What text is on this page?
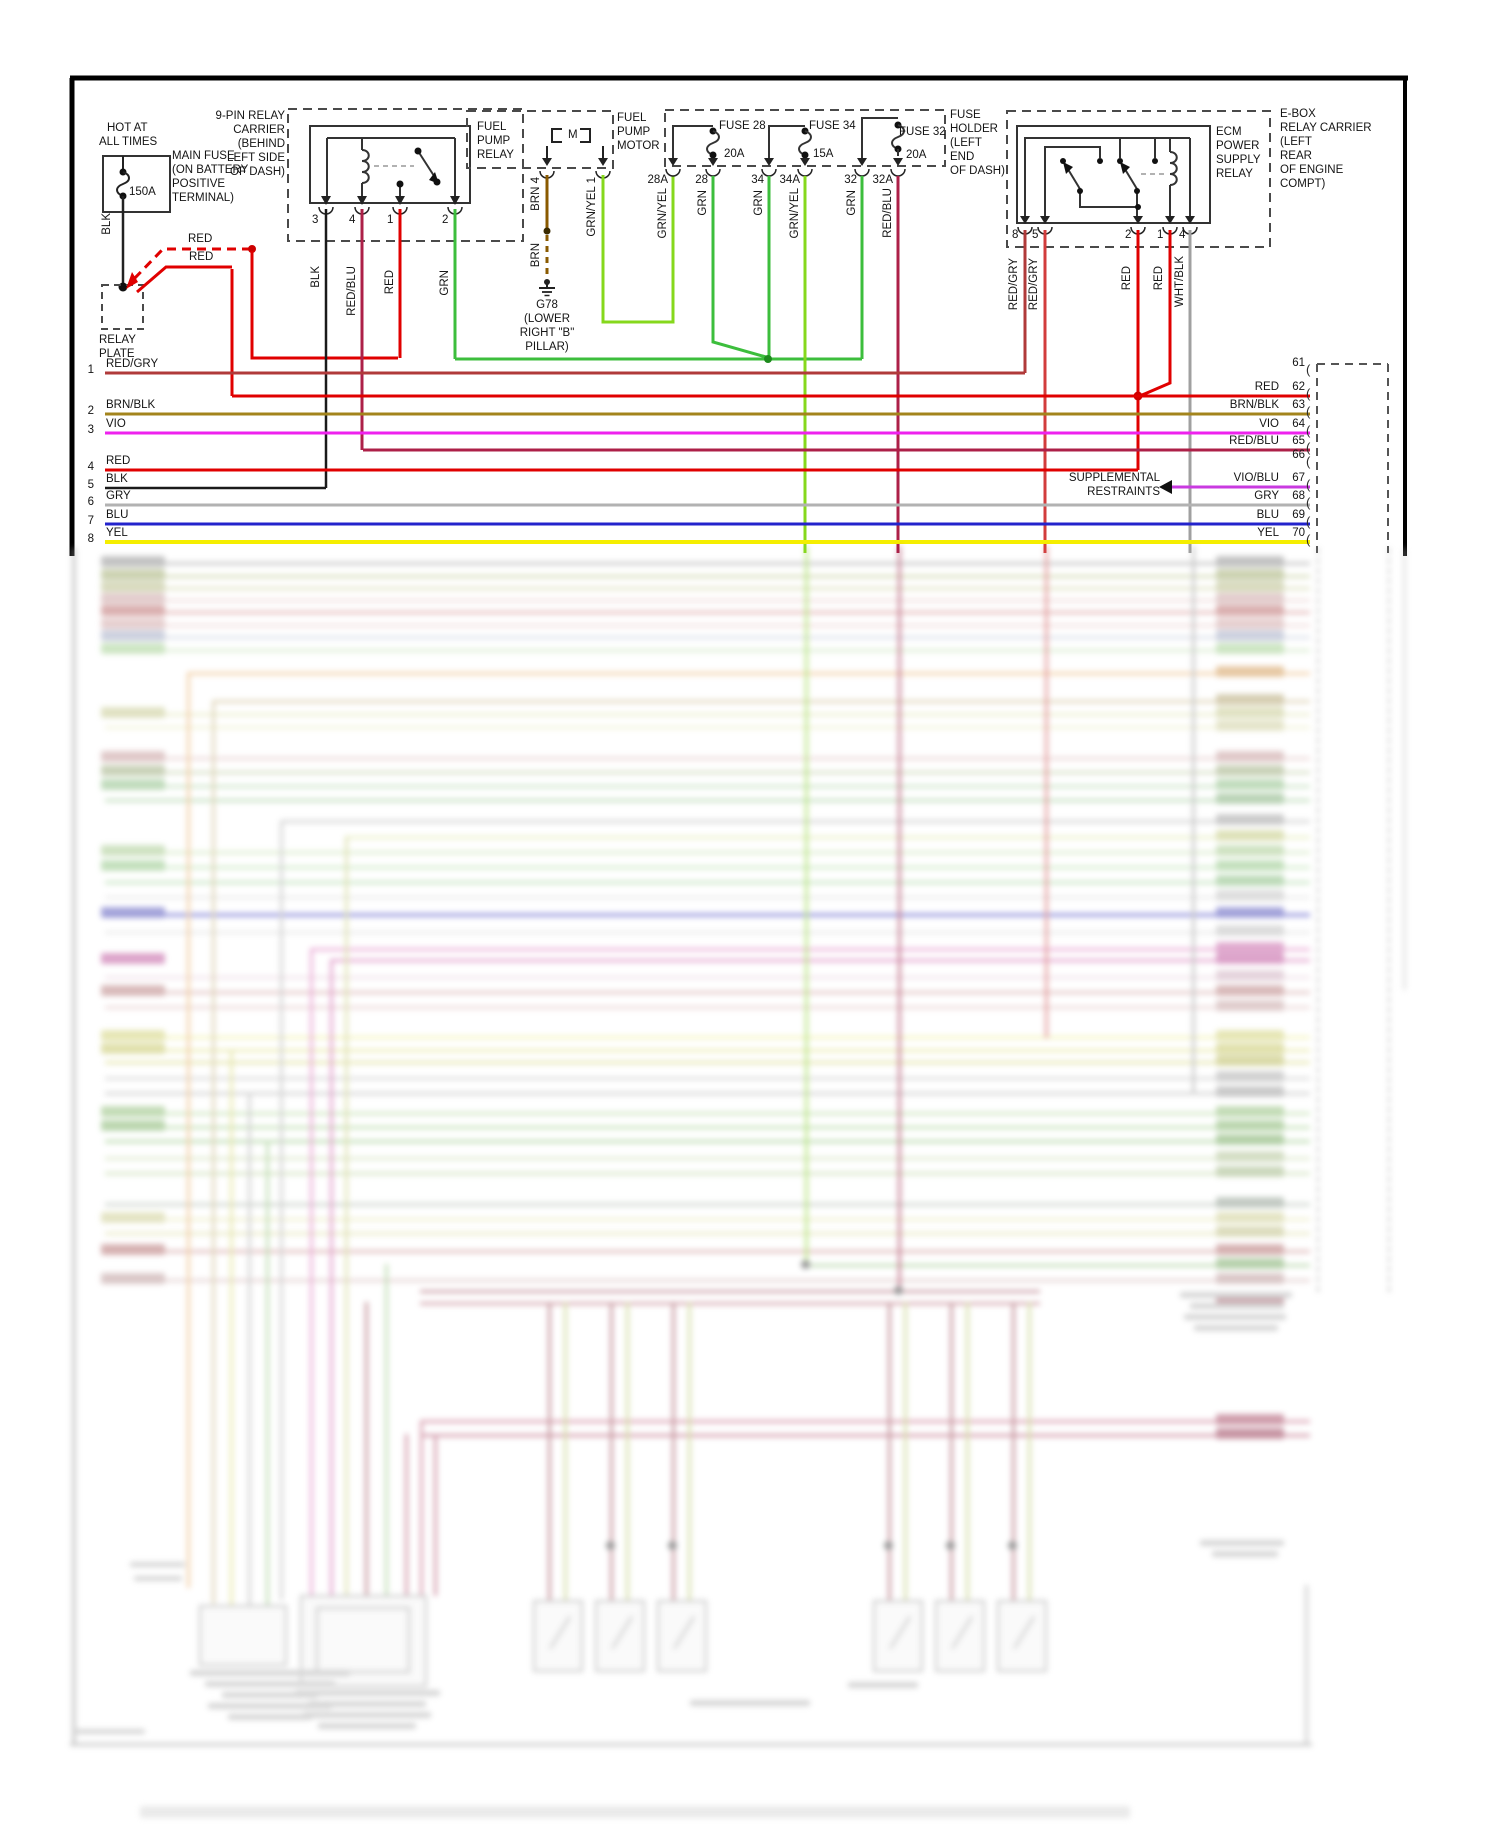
HOT AT
ALL TIMES
MAIN FUSE
(ON BATTERY
POSITIVE
TERMINAL)
150A
BLK
RED
RED
RELAY
PLATE
9-PIN RELAY
CARRIER
(BEHIND
LEFT SIDE
OF DASH)
FUEL
PUMP
RELAY
3	4	1	2
BLK RED/BLU RED	GRN
FUEL
PUMP
MOTOR
M
BRN 4	GRN/YEL 1
BRN
G78
(LOWER
RIGHT "B"
PILLAR)
FUSE 28
20A
FUSE 34
15A
FUSE 32
20A
FUSE
HOLDER
(LEFT
END
OF DASH)
28A	28	34	34A	32	32A
GRN/YEL GRN	GRN GRN/YEL	GRN RED/BLU
ECM
POWER
SUPPLY
RELAY
E-BOX
RELAY CARRIER
(LEFT
REAR
OF ENGINE
COMPT)
8 5	2 1 4
RED/GRY RED/GRY	RED RED WHT/BLK
SUPPLEMENTAL
RESTRAINTS
1 RED/GRY
2 BRN/BLK
3 VIO
4 RED
5 BLK
6 GRY
7 BLU
8 YEL
61 (
RED	62 (
BRN/BLK	63 (
VIO	64 (
RED/BLU	65 (
66 (
VIO/BLU	67 (
GRY	68 (
BLU	69 (
YEL	70 (
